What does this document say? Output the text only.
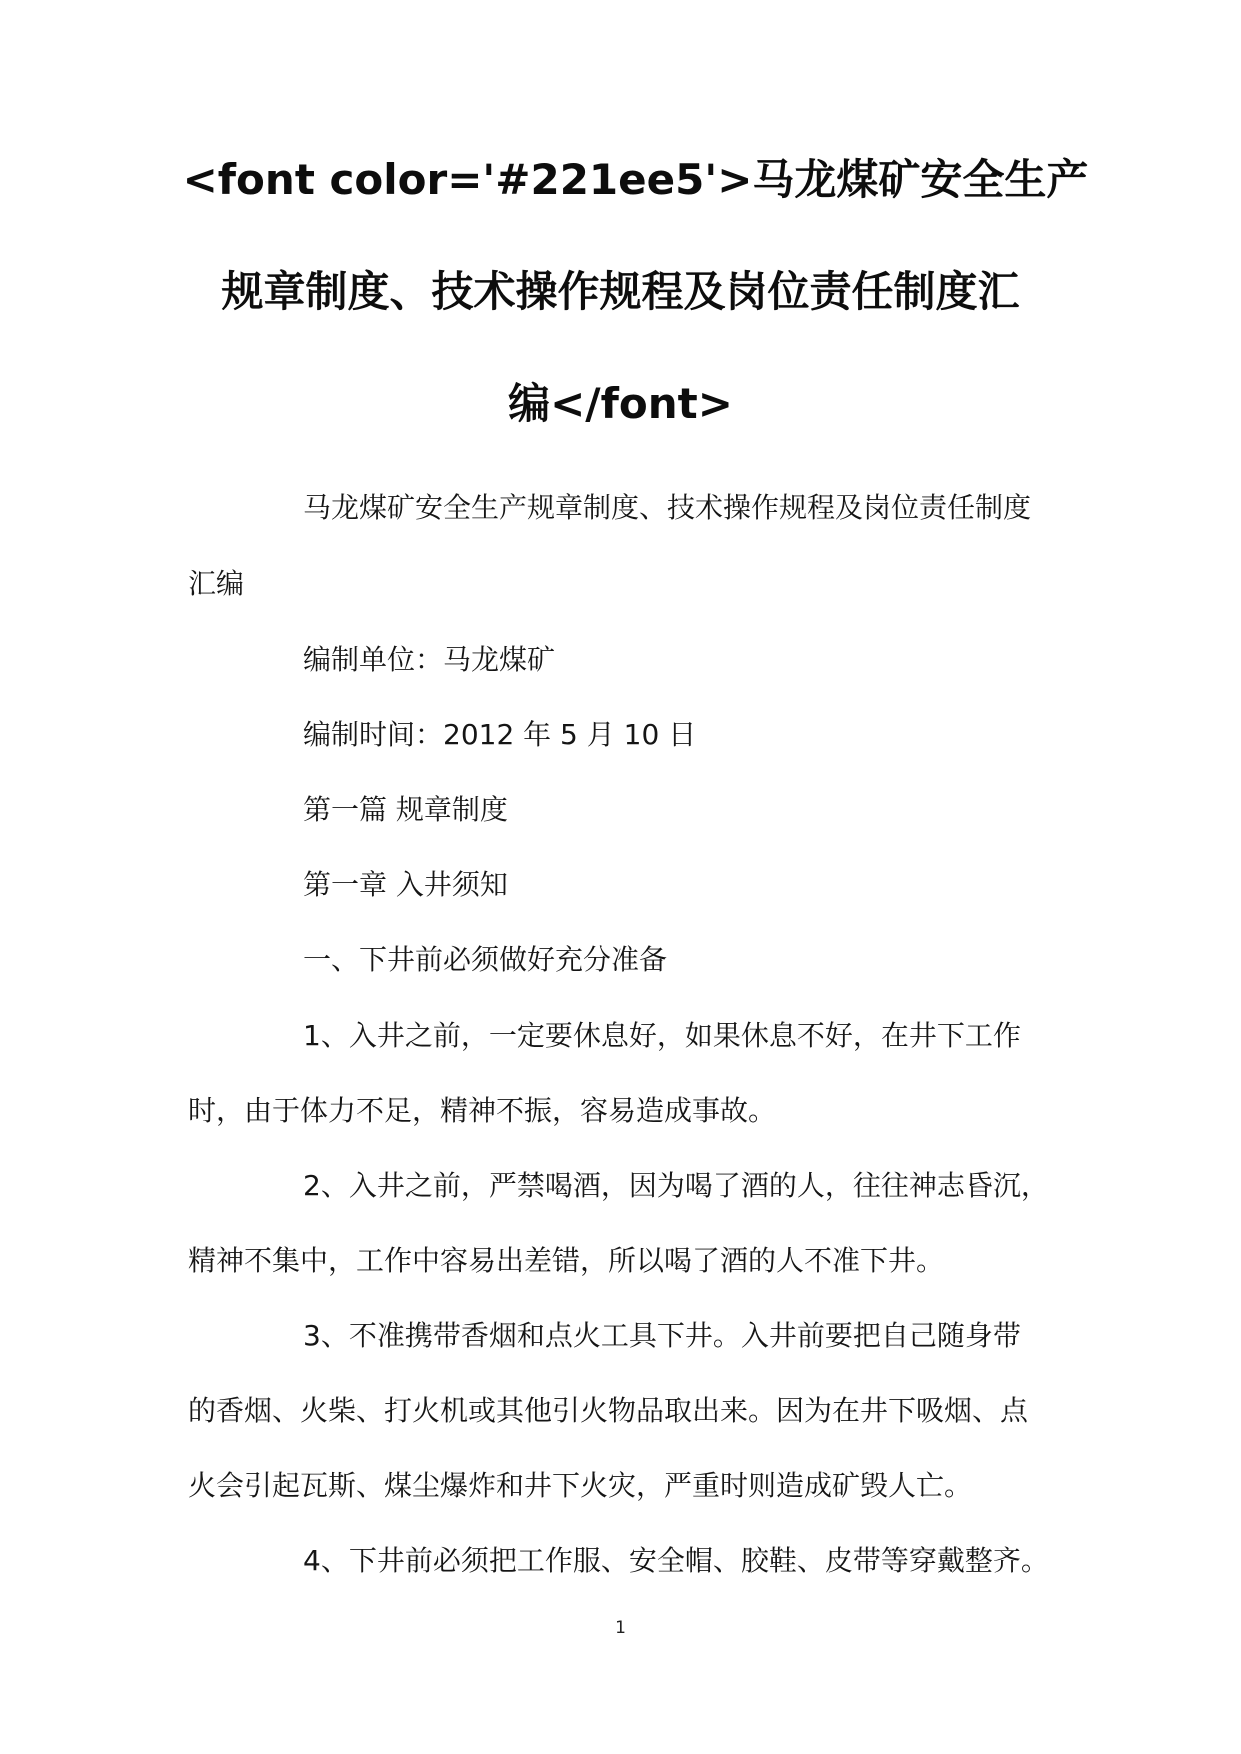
<font color='#221ee5'>马龙煤矿安全生产
规章制度、技术操作规程及岗位责任制度汇
编</font>
马龙煤矿安全生产规章制度、技术操作规程及岗位责任制度
汇编
编制单位：马龙煤矿
编制时间：2012 年 5 月 10 日
第一篇 规章制度
第一章 入井须知
一、下井前必须做好充分准备
1、入井之前，一定要休息好，如果休息不好，在井下工作
时，由于体力不足，精神不振，容易造成事故。
2、入井之前，严禁喝酒，因为喝了酒的人，往往神志昏沉，
精神不集中，工作中容易出差错，所以喝了酒的人不准下井。
3、不准携带香烟和点火工具下井。入井前要把自己随身带
的香烟、火柴、打火机或其他引火物品取出来。因为在井下吸烟、点
火会引起瓦斯、煤尘爆炸和井下火灾，严重时则造成矿毁人亡。
4、下井前必须把工作服、安全帽、胶鞋、皮带等穿戴整齐。
1
